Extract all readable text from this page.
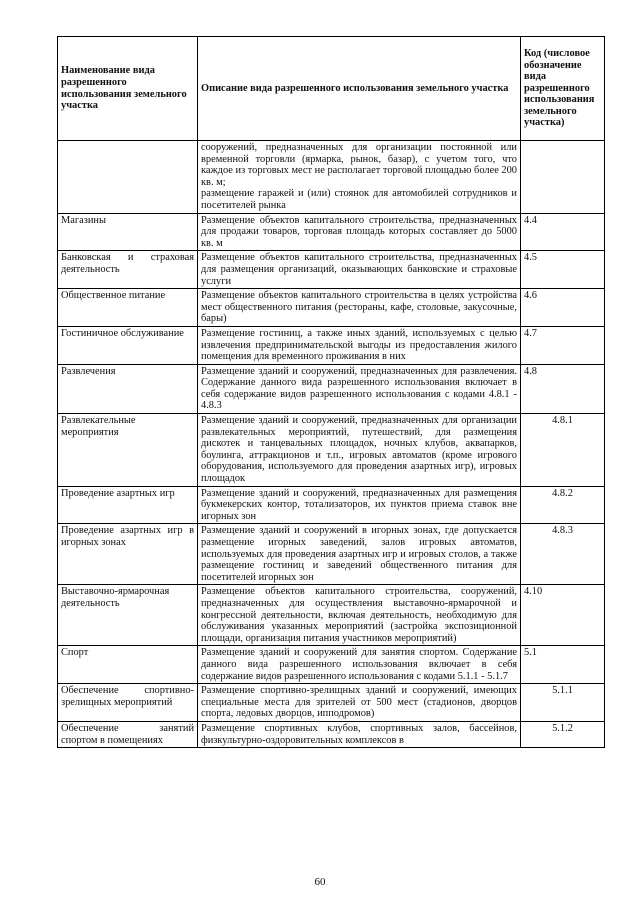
Наименование вида разрешенного использования земельного участка	Описание вида разрешенного использования земельного участка	Код (числовое обозначение вида разрешенного использования земельного участка)

	сооружений, предназначенных для организации постоянной или временной торговли (ярмарка, рынок, базар), с учетом того, что каждое из торговых мест не располагает торговой площадью более 200 кв. м;

размещение гаражей и (или) стоянок для автомобилей сотрудников и посетителей рынка	

Магазины	Размещение объектов капитального строительства, предназначенных для продажи товаров, торговая площадь которых составляет до 5000 кв. м	4.4
Банковская и страховая деятельность	Размещение объектов капитального строительства, предназначенных для размещения организаций, оказывающих банковские и страховые услуги	4.5
Общественное питание	Размещение объектов капитального строительства в целях устройства мест общественного питания (рестораны, кафе, столовые, закусочные, бары)	4.6
Гостиничное обслуживание	Размещение гостиниц, а также иных зданий, используемых с целью извлечения предпринимательской выгоды из предоставления жилого помещения для временного проживания в них	4.7
Развлечения	Размещение зданий и сооружений, предназначенных для развлечения. Содержание данного вида разрешенного использования включает в себя содержание видов разрешенного использования с кодами 4.8.1 - 4.8.3	4.8
Развлекательные мероприятия	Размещение зданий и сооружений, предназначенных для организации развлекательных мероприятий, путешествий, для размещения дискотек и танцевальных площадок, ночных клубов, аквапарков, боулинга, аттракционов и т.п., игровых автоматов (кроме игрового оборудования, используемого для проведения азартных игр), игровых площадок	4.8.1
Проведение азартных игр	Размещение зданий и сооружений, предназначенных для размещения букмекерских контор, тотализаторов, их пунктов приема ставок вне игорных зон	4.8.2
Проведение азартных игр в игорных зонах	Размещение зданий и сооружений в игорных зонах, где допускается размещение игорных заведений, залов игровых автоматов, используемых для проведения азартных игр и игровых столов, а также размещение гостиниц и заведений общественного питания для посетителей игорных зон	4.8.3
Выставочно-ярмарочная деятельность	Размещение объектов капитального строительства, сооружений, предназначенных для осуществления выставочно-ярмарочной и конгрессной деятельности, включая деятельность, необходимую для обслуживания указанных мероприятий (застройка экспозиционной площади, организация питания участников мероприятий)	4.10
Спорт	Размещение зданий и сооружений для занятия спортом. Содержание данного вида разрешенного использования включает в себя содержание видов разрешенного использования с кодами 5.1.1 - 5.1.7	5.1
Обеспечение спортивно-зрелищных мероприятий	Размещение спортивно-зрелищных зданий и сооружений, имеющих специальные места для зрителей от 500 мест (стадионов, дворцов спорта, ледовых дворцов, ипподромов)	5.1.1
Обеспечение занятий спортом в помещениях	Размещение спортивных клубов, спортивных залов, бассейнов, физкультурно-оздоровительных комплексов в	5.1.2
60
